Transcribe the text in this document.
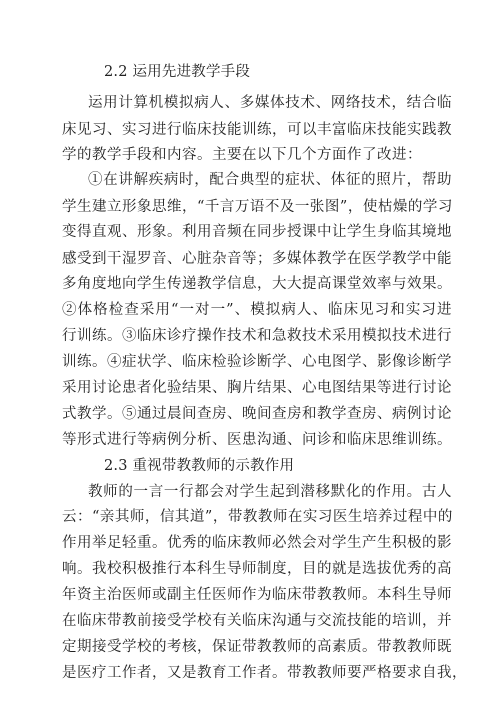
2.2 运用先进教学手段
运用计算机模拟病人、多媒体技术、网络技术，结合临
床见习、实习进行临床技能训练，可以丰富临床技能实践教
学的教学手段和内容。主要在以下几个方面作了改进：
①在讲解疾病时，配合典型的症状、体征的照片，帮助
学生建立形象思维，“千言万语不及一张图”，使枯燥的学习
变得直观、形象。利用音频在同步授课中让学生身临其境地
感受到干湿罗音、心脏杂音等；多媒体教学在医学教学中能
多角度地向学生传递教学信息，大大提高课堂效率与效果。
②体格检查采用“一对一”、模拟病人、临床见习和实习进
行训练。③临床诊疗操作技术和急救技术采用模拟技术进行
训练。④症状学、临床检验诊断学、心电图学、影像诊断学
采用讨论患者化验结果、胸片结果、心电图结果等进行讨论
式教学。⑤通过晨间查房、晚间查房和教学查房、病例讨论
等形式进行等病例分析、医患沟通、问诊和临床思维训练。
2.3 重视带教教师的示教作用
教师的一言一行都会对学生起到潜移默化的作用。古人
云：“亲其师，信其道”，带教教师在实习医生培养过程中的
作用举足轻重。优秀的临床教师必然会对学生产生积极的影
响。我校积极推行本科生导师制度，目的就是选拔优秀的高
年资主治医师或副主任医师作为临床带教教师。本科生导师
在临床带教前接受学校有关临床沟通与交流技能的培训，并
定期接受学校的考核，保证带教教师的高素质。带教教师既
是医疗工作者，又是教育工作者。带教教师要严格要求自我，
